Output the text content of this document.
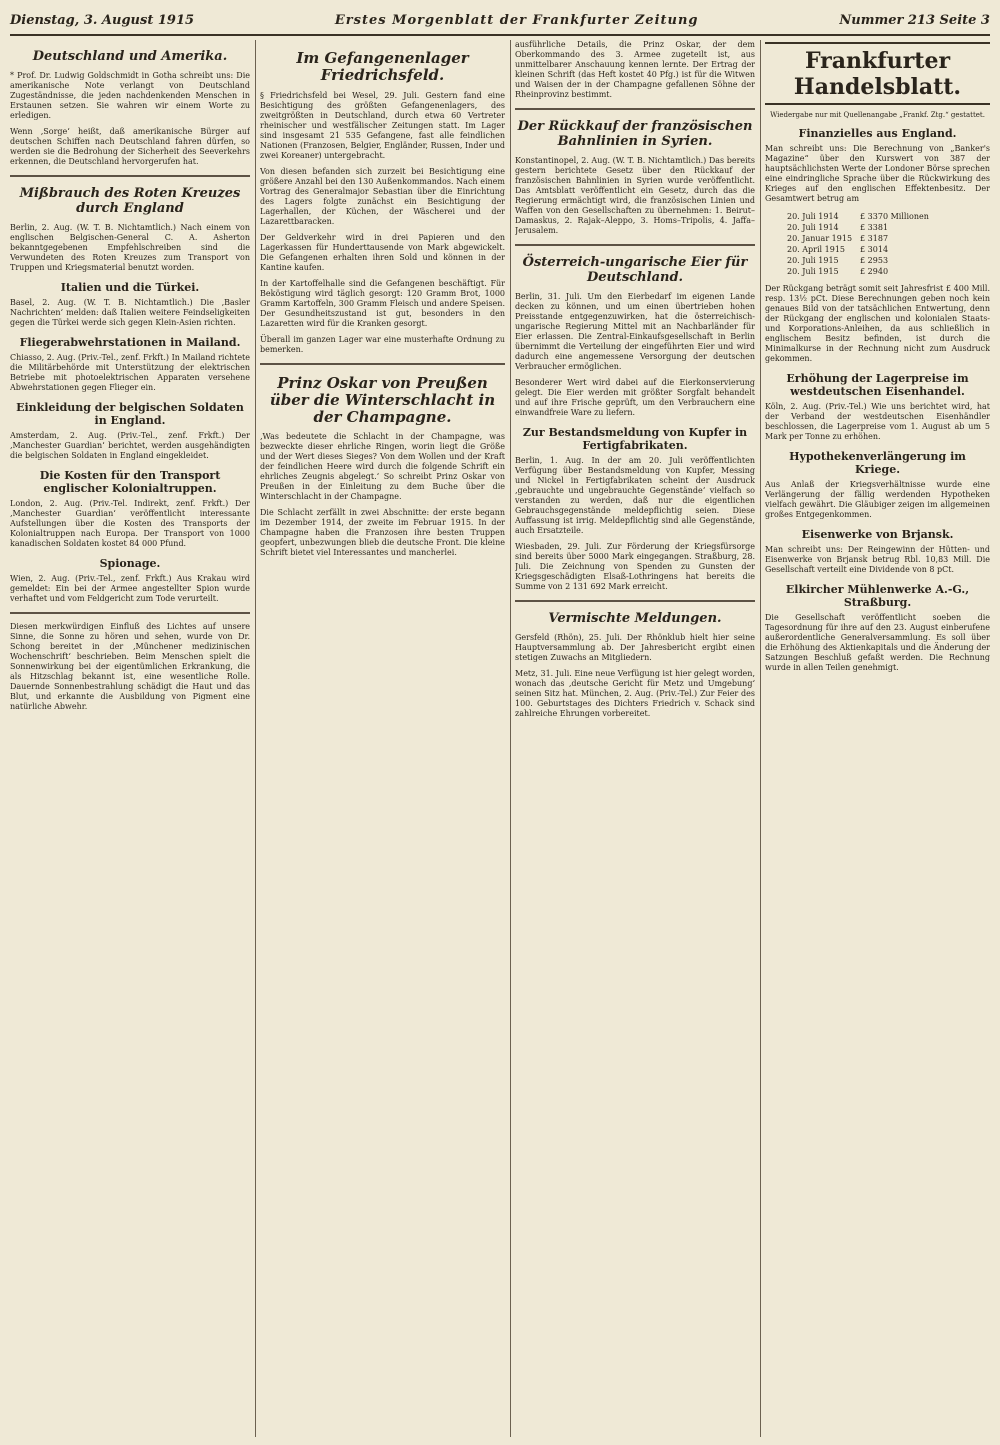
Dienstag, 3. August 1915	Erstes Morgenblatt der Frankfurter Zeitung	Nummer 213 Seite 3
Deutschland und Amerika.

* Prof. Dr. Ludwig Goldschmidt in Gotha schreibt uns: Die amerikanische Note verlangt von Deutschland Zugeständnisse, die jeden nachdenkenden Menschen in Erstaunen setzen. Sie wahren wir einem Worte zu erledigen.

Wenn ‚Sorge‘ heißt, daß amerikanische Bürger auf deutschen Schiffen nach Deutschland fahren dürfen, so werden sie die Bedrohung der Sicherheit des Seeverkehrs erkennen, die Deutschland hervorgerufen hat.

Mißbrauch des Roten Kreuzes durch England

Berlin, 2. Aug. (W. T. B. Nichtamtlich.) Nach einem von englischen Belgischen-General C. A. Asherton bekanntgegebenen Empfehlschreiben sind die Verwundeten des Roten Kreuzes zum Transport von Truppen und Kriegsmaterial benutzt worden.

Italien und die Türkei.

Basel, 2. Aug. (W. T. B. Nichtamtlich.) Die ‚Basler Nachrichten‘ melden: daß Italien weitere Feindseligkeiten gegen die Türkei werde sich gegen Klein-Asien richten.

Fliegerabwehrstationen in Mailand.

Chiasso, 2. Aug. (Priv.-Tel., zenf. Frkft.) In Mailand richtete die Militärbehörde mit Unterstützung der elektrischen Betriebe mit photoelektrischen Apparaten versehene Abwehrstationen gegen Flieger ein.

Einkleidung der belgischen Soldaten in England.

Amsterdam, 2. Aug. (Priv.-Tel., zenf. Frkft.) Der ‚Manchester Guardian‘ berichtet, werden ausgehändigten die belgischen Soldaten in England eingekleidet.

Die Kosten für den Transport englischer Kolonialtruppen.

London, 2. Aug. (Priv.-Tel. Indirekt, zenf. Frkft.) Der ‚Manchester Guardian‘ veröffentlicht interessante Aufstellungen über die Kosten des Transports der Kolonialtruppen nach Europa. Der Transport von 1000 kanadischen Soldaten kostet 84 000 Pfund.

Spionage.

Wien, 2. Aug. (Priv.-Tel., zenf. Frkft.) Aus Krakau wird gemeldet: Ein bei der Armee angestellter Spion wurde verhaftet und vom Feldgericht zum Tode verurteilt.

Diesen merkwürdigen Einfluß des Lichtes auf unsere Sinne, die Sonne zu hören und sehen, wurde von Dr. Schong bereitet in der ‚Münchener medizinischen Wochenschrift‘ beschrieben. Beim Menschen spielt die Sonnenwirkung bei der eigentümlichen Erkrankung, die als Hitzschlag bekannt ist, eine wesentliche Rolle. Dauernde Sonnenbestrahlung schädigt die Haut und das Blut, und erkannte die Ausbildung von Pigment eine natürliche Abwehr.

Im Gefangenenlager Friedrichsfeld.

§ Friedrichsfeld bei Wesel, 29. Juli. Gestern fand eine Besichtigung des größten Gefangenenlagers, des zweitgrößten in Deutschland, durch etwa 60 Vertreter rheinischer und westfälischer Zeitungen statt. Im Lager sind insgesamt 21 535 Gefangene, fast alle feindlichen Nationen (Franzosen, Belgier, Engländer, Russen, Inder und zwei Koreaner) untergebracht.

Von diesen befanden sich zurzeit bei Besichtigung eine größere Anzahl bei den 130 Außenkommandos. Nach einem Vortrag des Generalmajor Sebastian über die Einrichtung des Lagers folgte zunächst ein Besichtigung der Lagerhallen, der Küchen, der Wäscherei und der Lazarettbaracken.

Der Geldverkehr wird in drei Papieren und den Lagerkassen für Hunderttausende von Mark abgewickelt. Die Gefangenen erhalten ihren Sold und können in der Kantine kaufen.

In der Kartoffelhalle sind die Gefangenen beschäftigt. Für Beköstigung wird täglich gesorgt: 120 Gramm Brot, 1000 Gramm Kartoffeln, 300 Gramm Fleisch und andere Speisen. Der Gesundheitszustand ist gut, besonders in den Lazaretten wird für die Kranken gesorgt.

Überall im ganzen Lager war eine musterhafte Ordnung zu bemerken.

Prinz Oskar von Preußen über die Winterschlacht in der Champagne.

‚Was bedeutete die Schlacht in der Champagne, was bezweckte dieser ehrliche Ringen, worin liegt die Größe und der Wert dieses Sieges? Von dem Wollen und der Kraft der feindlichen Heere wird durch die folgende Schrift ein ehrliches Zeugnis abgelegt.‘ So schreibt Prinz Oskar von Preußen in der Einleitung zu dem Buche über die Winterschlacht in der Champagne.

Die Schlacht zerfällt in zwei Abschnitte: der erste begann im Dezember 1914, der zweite im Februar 1915. In der Champagne haben die Franzosen ihre besten Truppen geopfert, unbezwungen blieb die deutsche Front. Die kleine Schrift bietet viel Interessantes und mancherlei.

ausführliche Details, die Prinz Oskar, der dem Oberkommando des 3. Armee zugeteilt ist, aus unmittelbarer Anschauung kennen lernte. Der Ertrag der kleinen Schrift (das Heft kostet 40 Pfg.) ist für die Witwen und Waisen der in der Champagne gefallenen Söhne der Rheinprovinz bestimmt.

Der Rückkauf der französischen Bahnlinien in Syrien.

Konstantinopel, 2. Aug. (W. T. B. Nichtamtlich.) Das bereits gestern berichtete Gesetz über den Rückkauf der französischen Bahnlinien in Syrien wurde veröffentlicht. Das Amtsblatt veröffentlicht ein Gesetz, durch das die Regierung ermächtigt wird, die französischen Linien und Waffen von den Gesellschaften zu übernehmen: 1. Beirut–Damaskus, 2. Rajak–Aleppo, 3. Homs–Tripolis, 4. Jaffa–Jerusalem.

Österreich-ungarische Eier für Deutschland.

Berlin, 31. Juli. Um den Eierbedarf im eigenen Lande decken zu können, und um einen übertrieben hohen Preisstande entgegenzuwirken, hat die österreichisch-ungarische Regierung Mittel mit an Nachbarländer für Eier erlassen. Die Zentral-Einkaufsgesellschaft in Berlin übernimmt die Verteilung der eingeführten Eier und wird dadurch eine angemessene Versorgung der deutschen Verbraucher ermöglichen.

Besonderer Wert wird dabei auf die Eierkonservierung gelegt. Die Eier werden mit größter Sorgfalt behandelt und auf ihre Frische geprüft, um den Verbrauchern eine einwandfreie Ware zu liefern.

Zur Bestandsmeldung von Kupfer in Fertigfabrikaten.

Berlin, 1. Aug. In der am 20. Juli veröffentlichten Verfügung über Bestandsmeldung von Kupfer, Messing und Nickel in Fertigfabrikaten scheint der Ausdruck ‚gebrauchte und ungebrauchte Gegenstände‘ vielfach so verstanden zu werden, daß nur die eigentlichen Gebrauchsgegenstände meldepflichtig seien. Diese Auffassung ist irrig. Meldepflichtig sind alle Gegenstände, auch Ersatzteile.

Wiesbaden, 29. Juli. Zur Förderung der Kriegsfürsorge sind bereits über 5000 Mark eingegangen. Straßburg, 28. Juli. Die Zeichnung von Spenden zu Gunsten der Kriegsgeschädigten Elsaß-Lothringens hat bereits die Summe von 2 131 692 Mark erreicht.

Vermischte Meldungen.

Gersfeld (Rhön), 25. Juli. Der Rhönklub hielt hier seine Hauptversammlung ab. Der Jahresbericht ergibt einen stetigen Zuwachs an Mitgliedern.

Metz, 31. Juli. Eine neue Verfügung ist hier gelegt worden, wonach das ‚deutsche Gericht für Metz und Umgebung‘ seinen Sitz hat. München, 2. Aug. (Priv.-Tel.) Zur Feier des 100. Geburtstages des Dichters Friedrich v. Schack sind zahlreiche Ehrungen vorbereitet.

Frankfurter Handelsblatt.
Wiedergabe nur mit Quellenangabe „Frankf. Ztg.“ gestattet.
Finanzielles aus England.

Man schreibt uns: Die Berechnung von „Banker's Magazine“ über den Kurswert von 387 der hauptsächlichsten Werte der Londoner Börse sprechen eine eindringliche Sprache über die Rückwirkung des Krieges auf den englischen Effektenbesitz. Der Gesamtwert betrug am

20. Juli 1914	£ 3370 Millionen
20. Juli 1914	£ 3381
20. Januar 1915	£ 3187
20. April 1915	£ 3014
20. Juli 1915	£ 2953
20. Juli 1915	£ 2940

Der Rückgang beträgt somit seit Jahresfrist £ 400 Mill. resp. 13½ pCt. Diese Berechnungen geben noch kein genaues Bild von der tatsächlichen Entwertung, denn der Rückgang der englischen und kolonialen Staats- und Korporations-Anleihen, da aus schließlich in englischem Besitz befinden, ist durch die Minimalkurse in der Rechnung nicht zum Ausdruck gekommen.

Erhöhung der Lagerpreise im westdeutschen Eisenhandel.

Köln, 2. Aug. (Priv.-Tel.) Wie uns berichtet wird, hat der Verband der westdeutschen Eisenhändler beschlossen, die Lagerpreise vom 1. August ab um 5 Mark per Tonne zu erhöhen.

Hypothekenverlängerung im Kriege.

Aus Anlaß der Kriegsverhältnisse wurde eine Verlängerung der fällig werdenden Hypotheken vielfach gewährt. Die Gläubiger zeigen im allgemeinen großes Entgegenkommen.

Eisenwerke von Brjansk.

Man schreibt uns: Der Reingewinn der Hütten- und Eisenwerke von Brjansk betrug Rbl. 10,83 Mill. Die Gesellschaft verteilt eine Dividende von 8 pCt.

Elkircher Mühlenwerke A.-G., Straßburg.

Die Gesellschaft veröffentlicht soeben die Tagesordnung für ihre auf den 23. August einberufene außerordentliche Generalversammlung. Es soll über die Erhöhung des Aktienkapitals und die Änderung der Satzungen Beschluß gefaßt werden. Die Rechnung wurde in allen Teilen genehmigt.
